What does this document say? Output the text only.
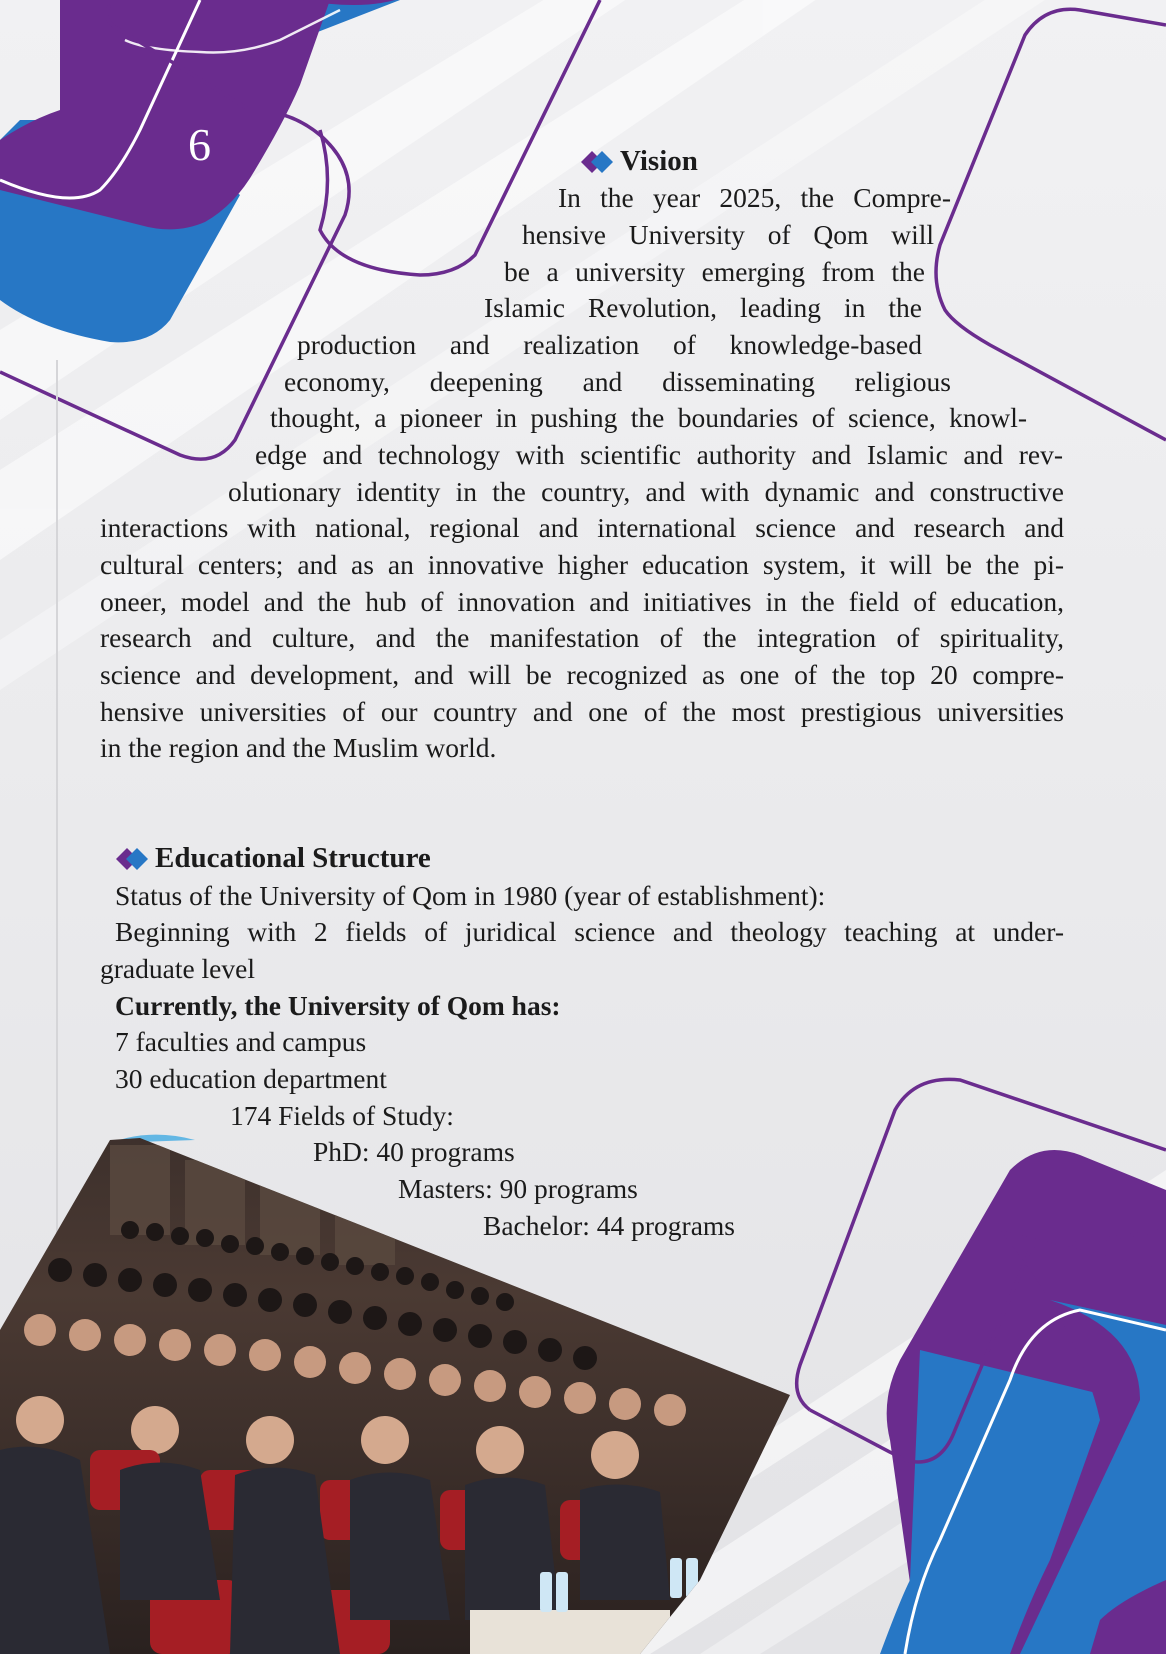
6	Vision
In the year 2025, the Compre-
hensive University of Qom will
be a university emerging from the
Islamic Revolution, leading in the
production and realization of knowledge-based
economy, deepening and disseminating religious
thought, a pioneer in pushing the boundaries of science, knowl-
edge and technology with scientific authority and Islamic and rev-
olutionary identity in the country, and with dynamic and constructive
interactions with national, regional and international science and research and
cultural centers; and as an innovative higher education system, it will be the pi-
oneer, model and the hub of innovation and initiatives in the field of education,
research and culture, and the manifestation of the integration of spirituality,
science and development, and will be recognized as one of the top 20 compre-
hensive universities of our country and one of the most prestigious universities
in the region and the Muslim world.
Educational Structure
Status of the University of Qom in 1980 (year of establishment):
Beginning with 2 fields of juridical science and theology teaching at under-
graduate level
Currently, the University of Qom has:
7 faculties and campus
30 education department
174 Fields of Study:
PhD: 40 programs
Masters: 90 programs
Bachelor: 44 programs
